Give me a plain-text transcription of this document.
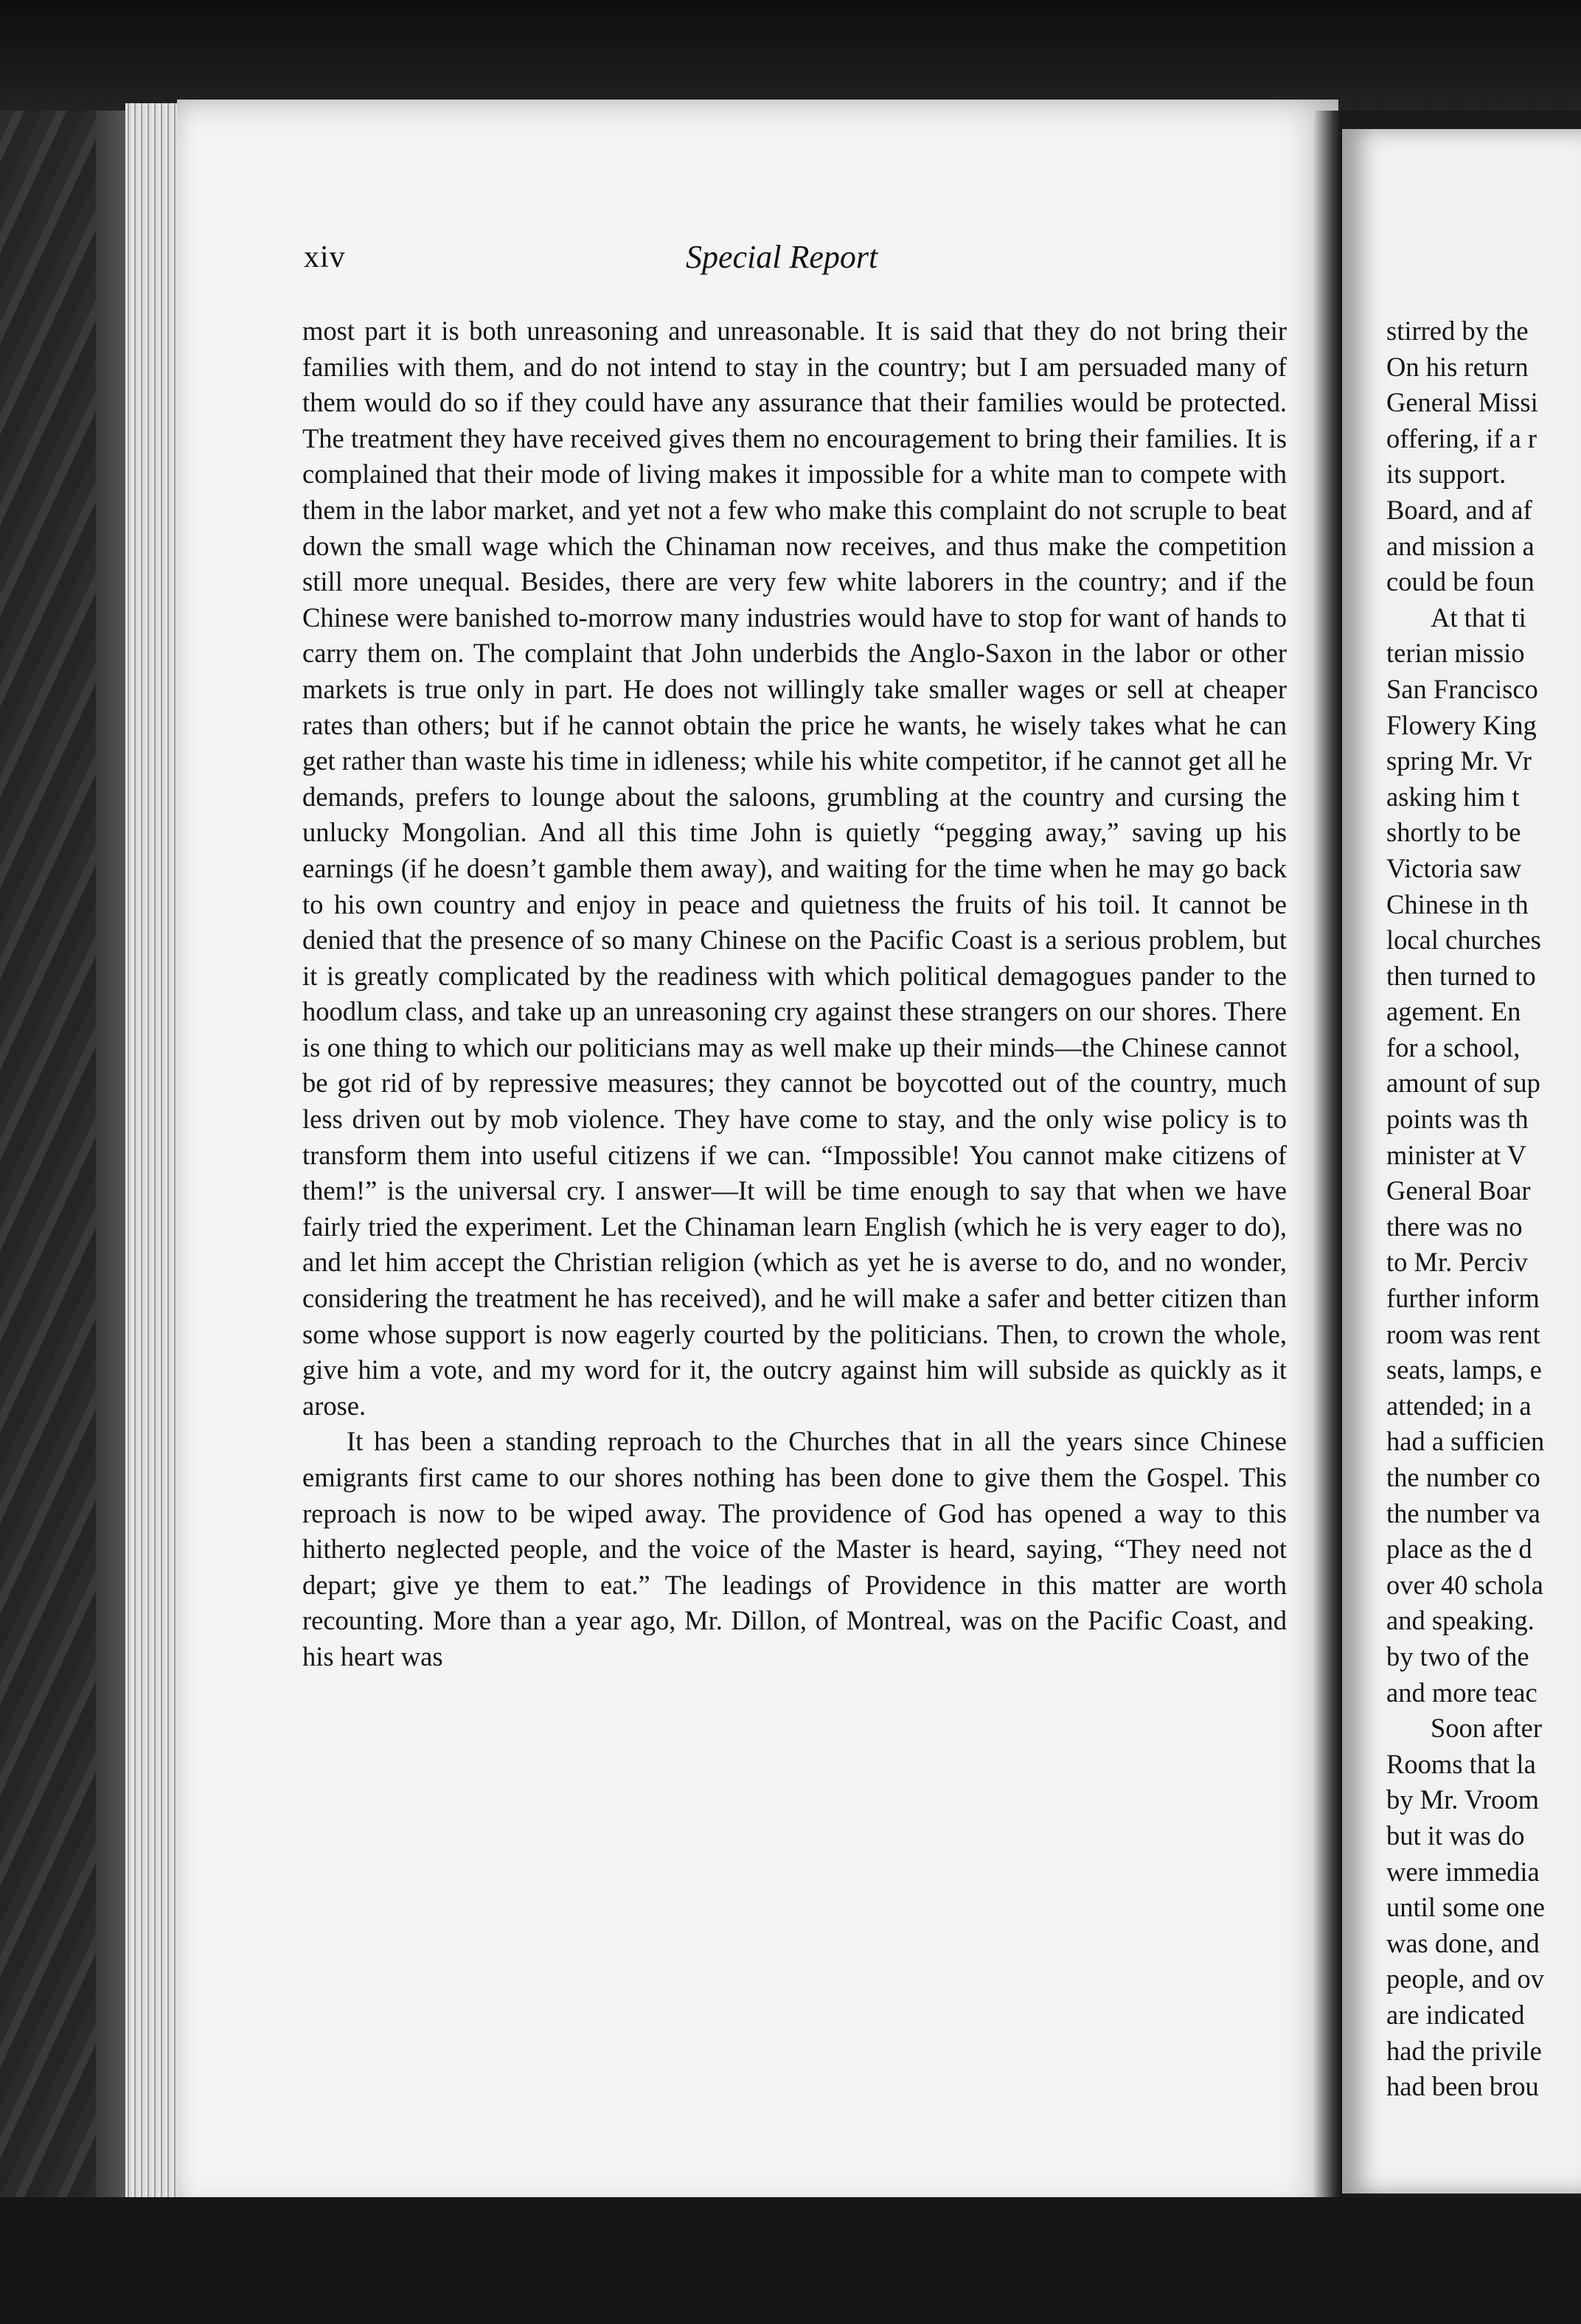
xiv	Special Report

most part it is both unreasoning and unreasonable. It is said that they do not bring their families with them, and do not intend to stay in the country; but I am persuaded many of them would do so if they could have any assurance that their families would be protected. The treatment they have received gives them no encouragement to bring their families. It is complained that their mode of living makes it impossible for a white man to compete with them in the labor market, and yet not a few who make this complaint do not scruple to beat down the small wage which the Chinaman now receives, and thus make the competition still more unequal. Besides, there are very few white laborers in the country; and if the Chinese were banished to-morrow many industries would have to stop for want of hands to carry them on. The complaint that John underbids the Anglo-Saxon in the labor or other markets is true only in part. He does not willingly take smaller wages or sell at cheaper rates than others; but if he cannot obtain the price he wants, he wisely takes what he can get rather than waste his time in idleness; while his white competitor, if he cannot get all he demands, prefers to lounge about the saloons, grumbling at the country and cursing the unlucky Mongolian. And all this time John is quietly “pegging away,” saving up his earnings (if he doesn’t gamble them away), and waiting for the time when he may go back to his own country and enjoy in peace and quietness the fruits of his toil. It cannot be denied that the presence of so many Chinese on the Pacific Coast is a serious problem, but it is greatly complicated by the readiness with which political demagogues pander to the hoodlum class, and take up an unreasoning cry against these strangers on our shores. There is one thing to which our politicians may as well make up their minds—the Chinese cannot be got rid of by repressive measures; they cannot be boycotted out of the country, much less driven out by mob violence. They have come to stay, and the only wise policy is to transform them into useful citizens if we can. “Impossible! You cannot make citizens of them!” is the universal cry. I answer—It will be time enough to say that when we have fairly tried the experiment. Let the Chinaman learn English (which he is very eager to do), and let him accept the Christian religion (which as yet he is averse to do, and no wonder, considering the treatment he has received), and he will make a safer and better citizen than some whose support is now eagerly courted by the politicians. Then, to crown the whole, give him a vote, and my word for it, the outcry against him will subside as quickly as it arose.

It has been a standing reproach to the Churches that in all the years since Chinese emigrants first came to our shores nothing has been done to give them the Gospel. This reproach is now to be wiped away. The providence of God has opened a way to this hitherto neglected people, and the voice of the Master is heard, saying, “They need not depart; give ye them to eat.” The leadings of Providence in this matter are worth recounting. More than a year ago, Mr. Dillon, of Montreal, was on the Pacific Coast, and his heart was

stirred by the
On his return
General Missi
offering, if a r
its support.
Board, and af
and mission a
could be foun
At that ti
terian missio
San Francisco
Flowery King
spring Mr. Vr
asking him t
shortly to be
Victoria saw
Chinese in th
local churches
then turned to
agement. En
for a school,
amount of sup
points was th
minister at V
General Boar
there was no
to Mr. Perciv
further inform
room was rent
seats, lamps, e
attended; in a
had a sufficien
the number co
the number va
place as the d
over 40 schola
and speaking.
by two of the
and more teac
Soon after
Rooms that la
by Mr. Vroom
but it was do
were immedia
until some one
was done, and
people, and ov
are indicated
had the privile
had been brou
